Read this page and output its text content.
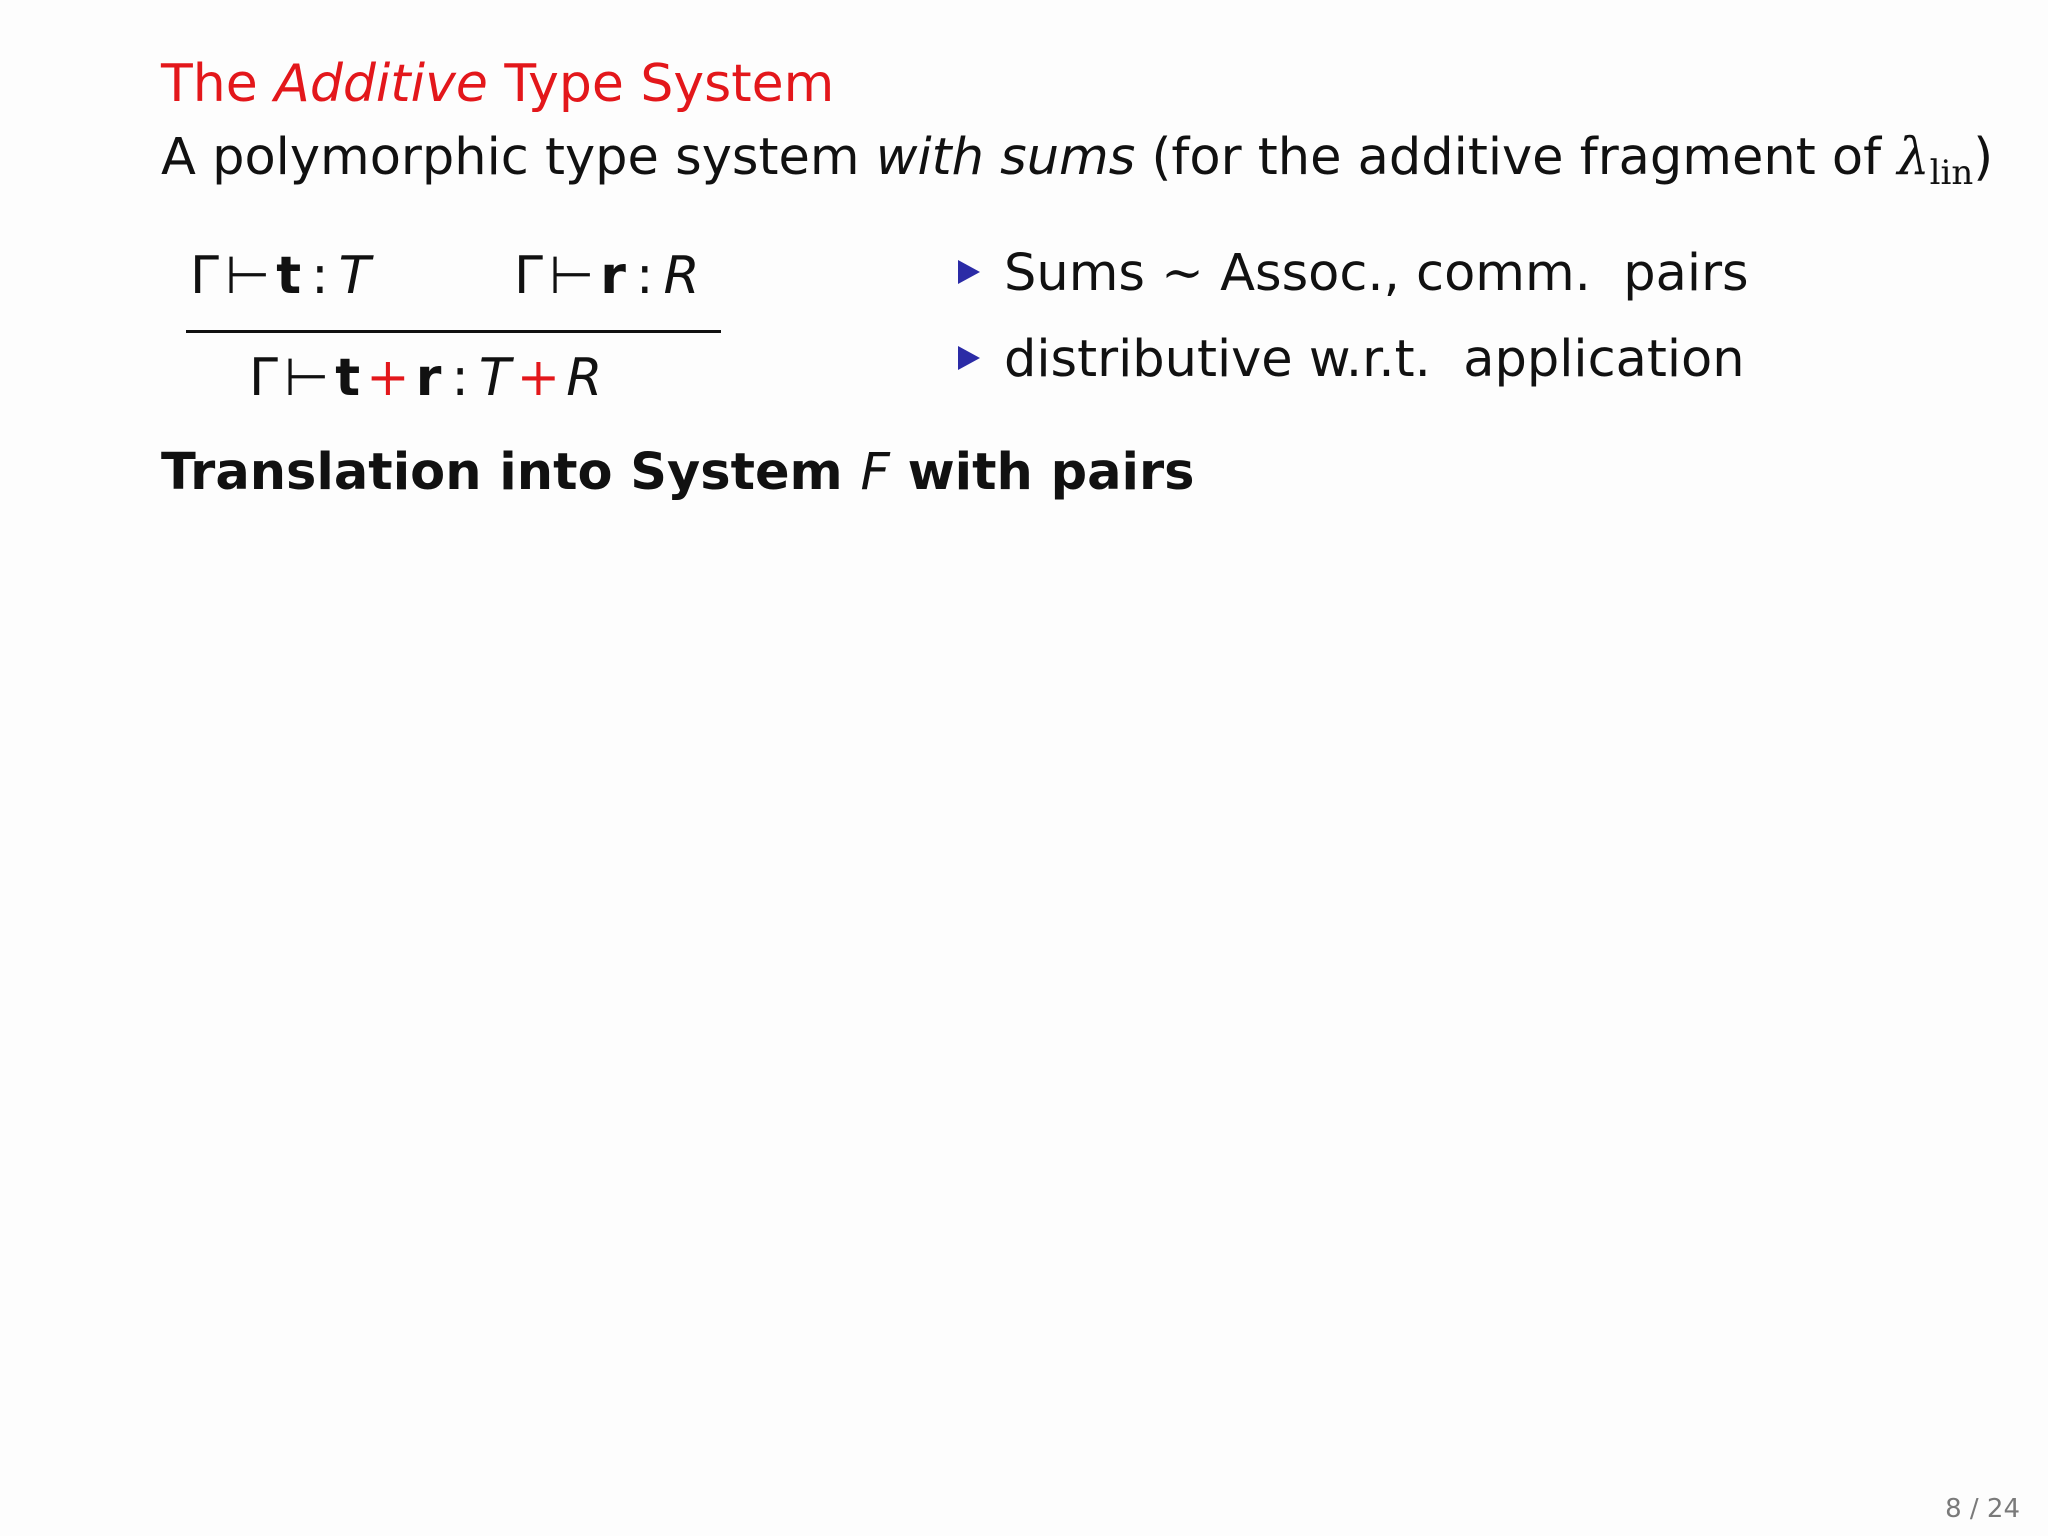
The Additive Type System
A polymorphic type system with sums (for the additive fragment of $\lambda_{lin}$)
Γ ⊢ t : T	Γ ⊢ r : R
Γ ⊢ t + r : T + R
Sums ∼ Assoc., comm.  pairs
distributive w.r.t.  application
Translation into System F with pairs
8 / 24
